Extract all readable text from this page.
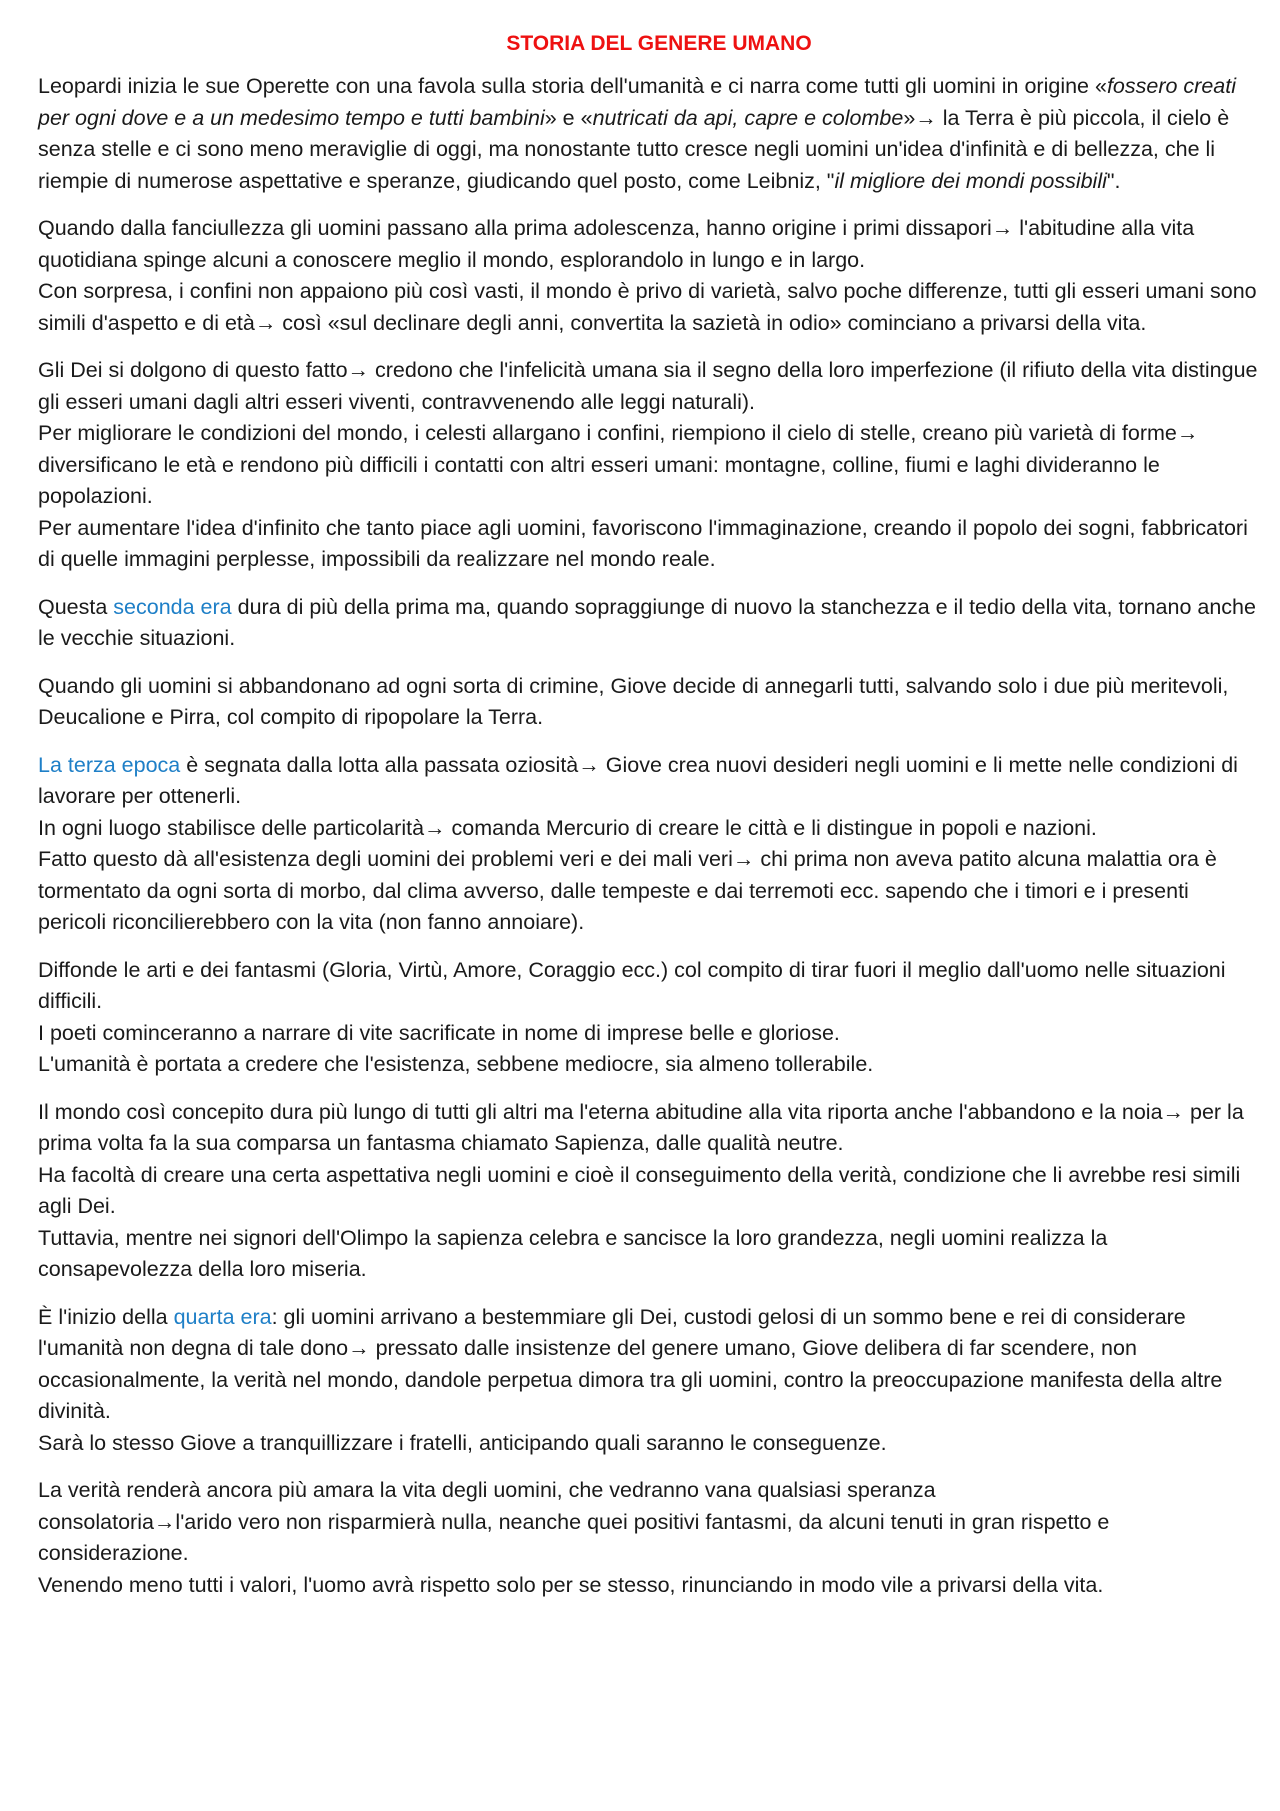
STORIA DEL GENERE UMANO

Leopardi inizia le sue Operette con una favola sulla storia dell'umanità e ci narra come tutti gli uomini in origine «fossero creati per ogni dove e a un medesimo tempo e tutti bambini» e «nutricati da api, capre e colombe»→ la Terra è più piccola, il cielo è senza stelle e ci sono meno meraviglie di oggi, ma nonostante tutto cresce negli uomini un'idea d'infinità e di bellezza, che li riempie di numerose aspettative e speranze, giudicando quel posto, come Leibniz, "il migliore dei mondi possibili".

Quando dalla fanciullezza gli uomini passano alla prima adolescenza, hanno origine i primi dissapori→ l'abitudine alla vita quotidiana spinge alcuni a conoscere meglio il mondo, esplorandolo in lungo e in largo.
Con sorpresa, i confini non appaiono più così vasti, il mondo è privo di varietà, salvo poche differenze, tutti gli esseri umani sono simili d'aspetto e di età→ così «sul declinare degli anni, convertita la sazietà in odio» cominciano a privarsi della vita.

Gli Dei si dolgono di questo fatto→ credono che l'infelicità umana sia il segno della loro imperfezione (il rifiuto della vita distingue gli esseri umani dagli altri esseri viventi, contravvenendo alle leggi naturali).
Per migliorare le condizioni del mondo, i celesti allargano i confini, riempiono il cielo di stelle, creano più varietà di forme→ diversificano le età e rendono più difficili i contatti con altri esseri umani: montagne, colline, fiumi e laghi divideranno le popolazioni.
Per aumentare l'idea d'infinito che tanto piace agli uomini, favoriscono l'immaginazione, creando il popolo dei sogni, fabbricatori di quelle immagini perplesse, impossibili da realizzare nel mondo reale.

Questa seconda era dura di più della prima ma, quando sopraggiunge di nuovo la stanchezza e il tedio della vita, tornano anche le vecchie situazioni.

Quando gli uomini si abbandonano ad ogni sorta di crimine, Giove decide di annegarli tutti, salvando solo i due più meritevoli, Deucalione e Pirra, col compito di ripopolare la Terra.

La terza epoca è segnata dalla lotta alla passata oziosità→ Giove crea nuovi desideri negli uomini e li mette nelle condizioni di lavorare per ottenerli.
In ogni luogo stabilisce delle particolarità→ comanda Mercurio di creare le città e li distingue in popoli e nazioni.
Fatto questo dà all'esistenza degli uomini dei problemi veri e dei mali veri→ chi prima non aveva patito alcuna malattia ora è tormentato da ogni sorta di morbo, dal clima avverso, dalle tempeste e dai terremoti ecc. sapendo che i timori e i presenti pericoli riconcilierebbero con la vita (non fanno annoiare).

Diffonde le arti e dei fantasmi (Gloria, Virtù, Amore, Coraggio ecc.) col compito di tirar fuori il meglio dall'uomo nelle situazioni difficili.
I poeti cominceranno a narrare di vite sacrificate in nome di imprese belle e gloriose.
L'umanità è portata a credere che l'esistenza, sebbene mediocre, sia almeno tollerabile.

Il mondo così concepito dura più lungo di tutti gli altri ma l'eterna abitudine alla vita riporta anche l'abbandono e la noia→ per la prima volta fa la sua comparsa un fantasma chiamato Sapienza, dalle qualità neutre.
Ha facoltà di creare una certa aspettativa negli uomini e cioè il conseguimento della verità, condizione che li avrebbe resi simili agli Dei.
Tuttavia, mentre nei signori dell'Olimpo la sapienza celebra e sancisce la loro grandezza, negli uomini realizza la consapevolezza della loro miseria.

È l'inizio della quarta era: gli uomini arrivano a bestemmiare gli Dei, custodi gelosi di un sommo bene e rei di considerare l'umanità non degna di tale dono→ pressato dalle insistenze del genere umano, Giove delibera di far scendere, non occasionalmente, la verità nel mondo, dandole perpetua dimora tra gli uomini, contro la preoccupazione manifesta della altre divinità.
Sarà lo stesso Giove a tranquillizzare i fratelli, anticipando quali saranno le conseguenze.

La verità renderà ancora più amara la vita degli uomini, che vedranno vana qualsiasi speranza
consolatoria→l'arido vero non risparmierà nulla, neanche quei positivi fantasmi, da alcuni tenuti in gran rispetto e considerazione.
Venendo meno tutti i valori, l'uomo avrà rispetto solo per se stesso, rinunciando in modo vile a privarsi della vita.
